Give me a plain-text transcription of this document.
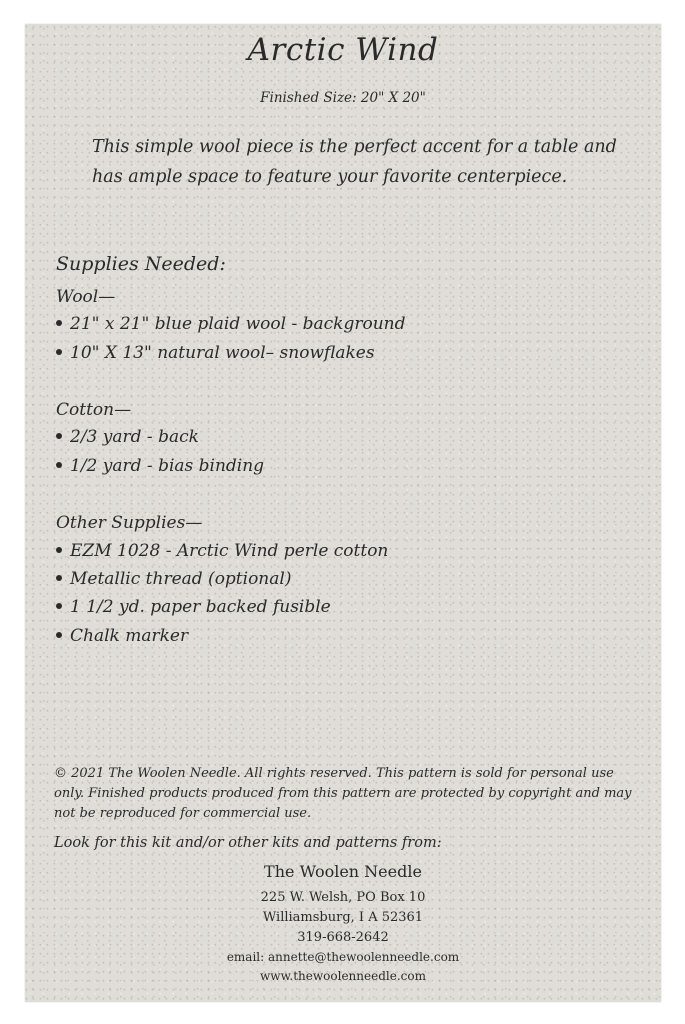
Arctic Wind
Finished Size: 20" X 20"
This simple wool piece is the perfect accent for a table and has ample space to feature your favorite centerpiece.
Supplies Needed:
Wool—
21" x 21" blue plaid wool - background
10" X 13" natural wool– snowflakes
Cotton—
2/3 yard - back
1/2 yard - bias binding
Other Supplies—
EZM 1028 - Arctic Wind perle cotton
Metallic thread (optional)
1 1/2 yd. paper backed fusible
Chalk marker
© 2021 The Woolen Needle. All rights reserved. This pattern is sold for personal use only. Finished products produced from this pattern are protected by copyright and may not be reproduced for commercial use.
Look for this kit and/or other kits and patterns from:
The Woolen Needle
225 W. Welsh, PO Box 10
Williamsburg, I A 52361
319-668-2642
email: annette@thewoolenneedle.com
www.thewoolenneedle.com
